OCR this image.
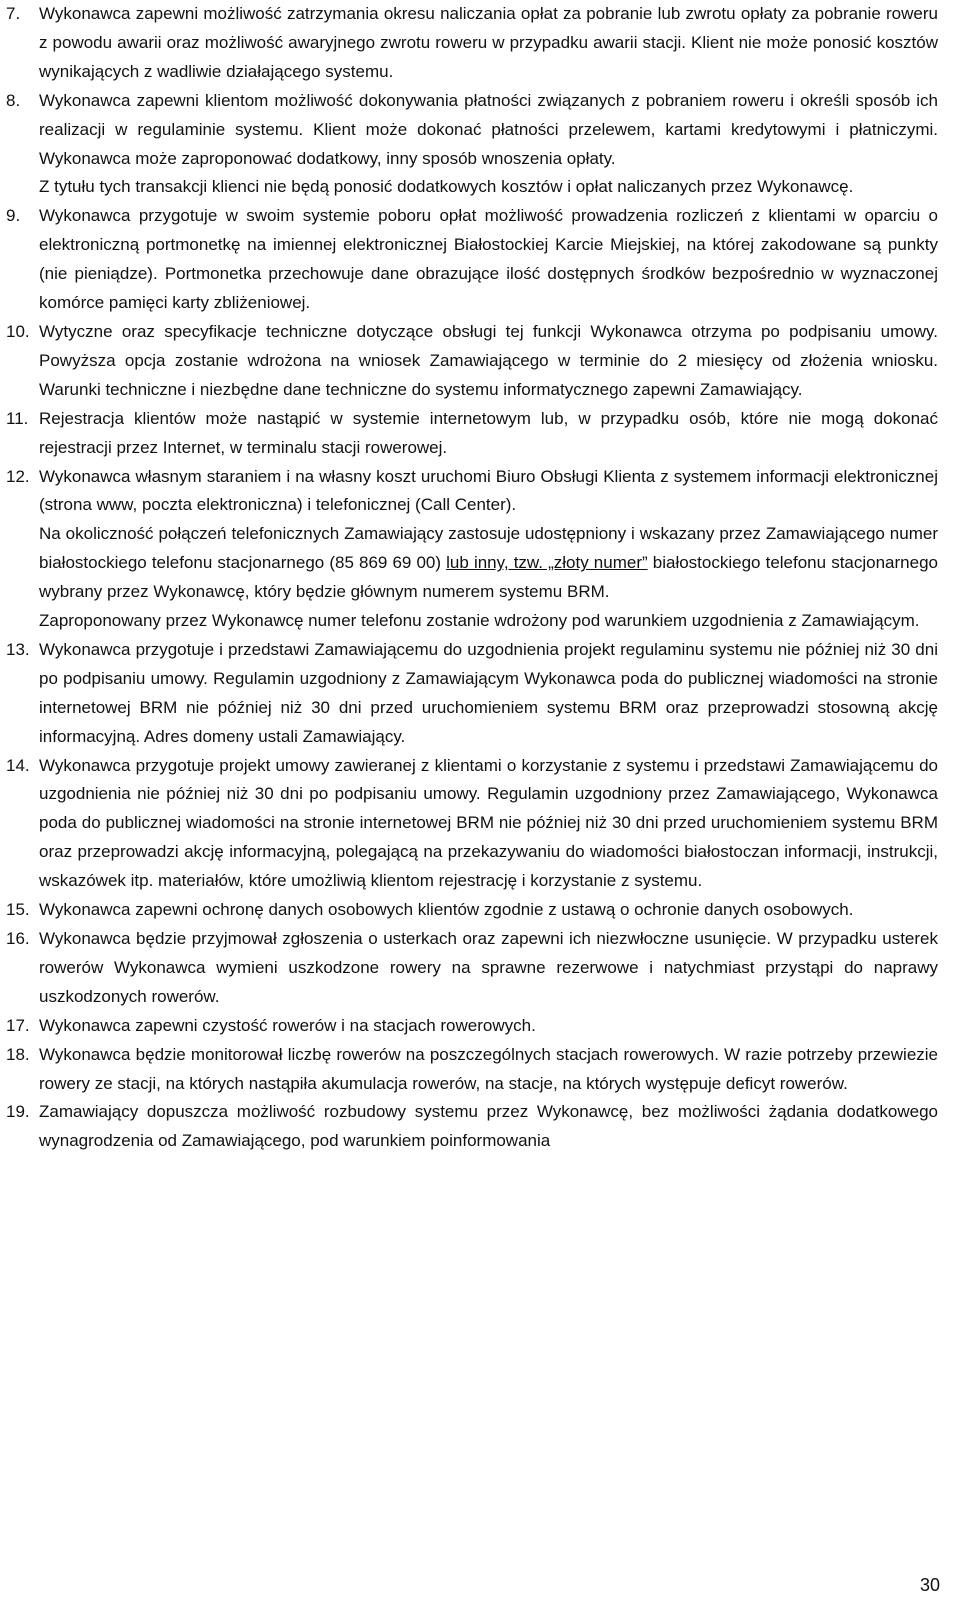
7. Wykonawca zapewni możliwość zatrzymania okresu naliczania opłat za pobranie lub zwrotu opłaty za pobranie roweru z powodu awarii oraz możliwość awaryjnego zwrotu roweru w przypadku awarii stacji. Klient nie może ponosić kosztów wynikających z wadliwie działającego systemu.
8. Wykonawca zapewni klientom możliwość dokonywania płatności związanych z pobraniem roweru i określi sposób ich realizacji w regulaminie systemu. Klient może dokonać płatności przelewem, kartami kredytowymi i płatniczymi. Wykonawca może zaproponować dodatkowy, inny sposób wnoszenia opłaty.
Z tytułu tych transakcji klienci nie będą ponosić dodatkowych kosztów i opłat naliczanych przez Wykonawcę.
9. Wykonawca przygotuje w swoim systemie poboru opłat możliwość prowadzenia rozliczeń z klientami w oparciu o elektroniczną portmonetkę na imiennej elektronicznej Białostockiej Karcie Miejskiej, na której zakodowane są punkty (nie pieniądze). Portmonetka przechowuje dane obrazujące ilość dostępnych środków bezpośrednio w wyznaczonej komórce pamięci karty zbliżeniowej.
10. Wytyczne oraz specyfikacje techniczne dotyczące obsługi tej funkcji Wykonawca otrzyma po podpisaniu umowy. Powyższa opcja zostanie wdrożona na wniosek Zamawiającego w terminie do 2 miesięcy od złożenia wniosku. Warunki techniczne i niezbędne dane techniczne do systemu informatycznego zapewni Zamawiający.
11. Rejestracja klientów może nastąpić w systemie internetowym lub, w przypadku osób, które nie mogą dokonać rejestracji przez Internet, w terminalu stacji rowerowej.
12. Wykonawca własnym staraniem i na własny koszt uruchomi Biuro Obsługi Klienta z systemem informacji elektronicznej (strona www, poczta elektroniczna) i telefonicznej (Call Center).
Na okoliczność połączeń telefonicznych Zamawiający zastosuje udostępniony i wskazany przez Zamawiającego numer białostockiego telefonu stacjonarnego (85 869 69 00) lub inny, tzw. „złoty numer” białostockiego telefonu stacjonarnego wybrany przez Wykonawcę, który będzie głównym numerem systemu BRM.
Zaproponowany przez Wykonawcę numer telefonu zostanie wdrożony pod warunkiem uzgodnienia z Zamawiającym.
13. Wykonawca przygotuje i przedstawi Zamawiającemu do uzgodnienia projekt regulaminu systemu nie później niż 30 dni po podpisaniu umowy. Regulamin uzgodniony z Zamawiającym Wykonawca poda do publicznej wiadomości na stronie internetowej BRM nie później niż 30 dni przed uruchomieniem systemu BRM oraz przeprowadzi stosowną akcję informacyjną. Adres domeny ustali Zamawiający.
14. Wykonawca przygotuje projekt umowy zawieranej z klientami o korzystanie z systemu i przedstawi Zamawiającemu do uzgodnienia nie później niż 30 dni po podpisaniu umowy. Regulamin uzgodniony przez Zamawiającego, Wykonawca poda do publicznej wiadomości na stronie internetowej BRM nie później niż 30 dni przed uruchomieniem systemu BRM oraz przeprowadzi akcję informacyjną, polegającą na przekazywaniu do wiadomości białostoczan informacji, instrukcji, wskazówek itp. materiałów, które umożliwią klientom rejestrację i korzystanie z systemu.
15. Wykonawca zapewni ochronę danych osobowych klientów zgodnie z ustawą o ochronie danych osobowych.
16. Wykonawca będzie przyjmował zgłoszenia o usterkach oraz zapewni ich niezwłoczne usunięcie. W przypadku usterek rowerów Wykonawca wymieni uszkodzone rowery na sprawne rezerwowe i natychmiast przystąpi do naprawy uszkodzonych rowerów.
17. Wykonawca zapewni czystość rowerów i na stacjach rowerowych.
18. Wykonawca będzie monitorował liczbę rowerów na poszczególnych stacjach rowerowych. W razie potrzeby przewiezie rowery ze stacji, na których nastąpiła akumulacja rowerów, na stacje, na których występuje deficyt rowerów.
19. Zamawiający dopuszcza możliwość rozbudowy systemu przez Wykonawcę, bez możliwości żądania dodatkowego wynagrodzenia od Zamawiającego, pod warunkiem poinformowania
30
